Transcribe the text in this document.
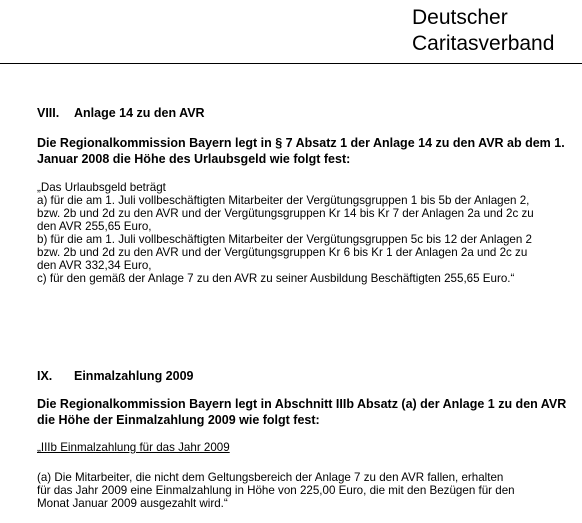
Deutscher
Caritasverband
VIII. Anlage 14 zu den AVR
Die Regionalkommission Bayern legt in § 7 Absatz 1 der Anlage 14 zu den AVR ab dem 1.
Januar 2008 die Höhe des Urlaubsgeld wie folgt fest:
„Das Urlaubsgeld beträgt
a) für die am 1. Juli vollbeschäftigten Mitarbeiter der Vergütungsgruppen 1 bis 5b der Anlagen 2,
bzw. 2b und 2d zu den AVR und der Vergütungsgruppen Kr 14 bis Kr 7 der Anlagen 2a und 2c zu
den AVR 255,65 Euro,
b) für die am 1. Juli vollbeschäftigten Mitarbeiter der Vergütungsgruppen 5c bis 12 der Anlagen 2
bzw. 2b und 2d zu den AVR und der Vergütungsgruppen Kr 6 bis Kr 1 der Anlagen 2a und 2c zu
den AVR 332,34 Euro,
c) für den gemäß der Anlage 7 zu den AVR zu seiner Ausbildung Beschäftigten 255,65 Euro.“
IX. Einmalzahlung 2009
Die Regionalkommission Bayern legt in Abschnitt IIIb Absatz (a) der Anlage 1 zu den AVR
die Höhe der Einmalzahlung 2009 wie folgt fest:
„IIIb Einmalzahlung für das Jahr 2009
(a) Die Mitarbeiter, die nicht dem Geltungsbereich der Anlage 7 zu den AVR fallen, erhalten
für das Jahr 2009 eine Einmalzahlung in Höhe von 225,00 Euro, die mit den Bezügen für den
Monat Januar 2009 ausgezahlt wird.“
